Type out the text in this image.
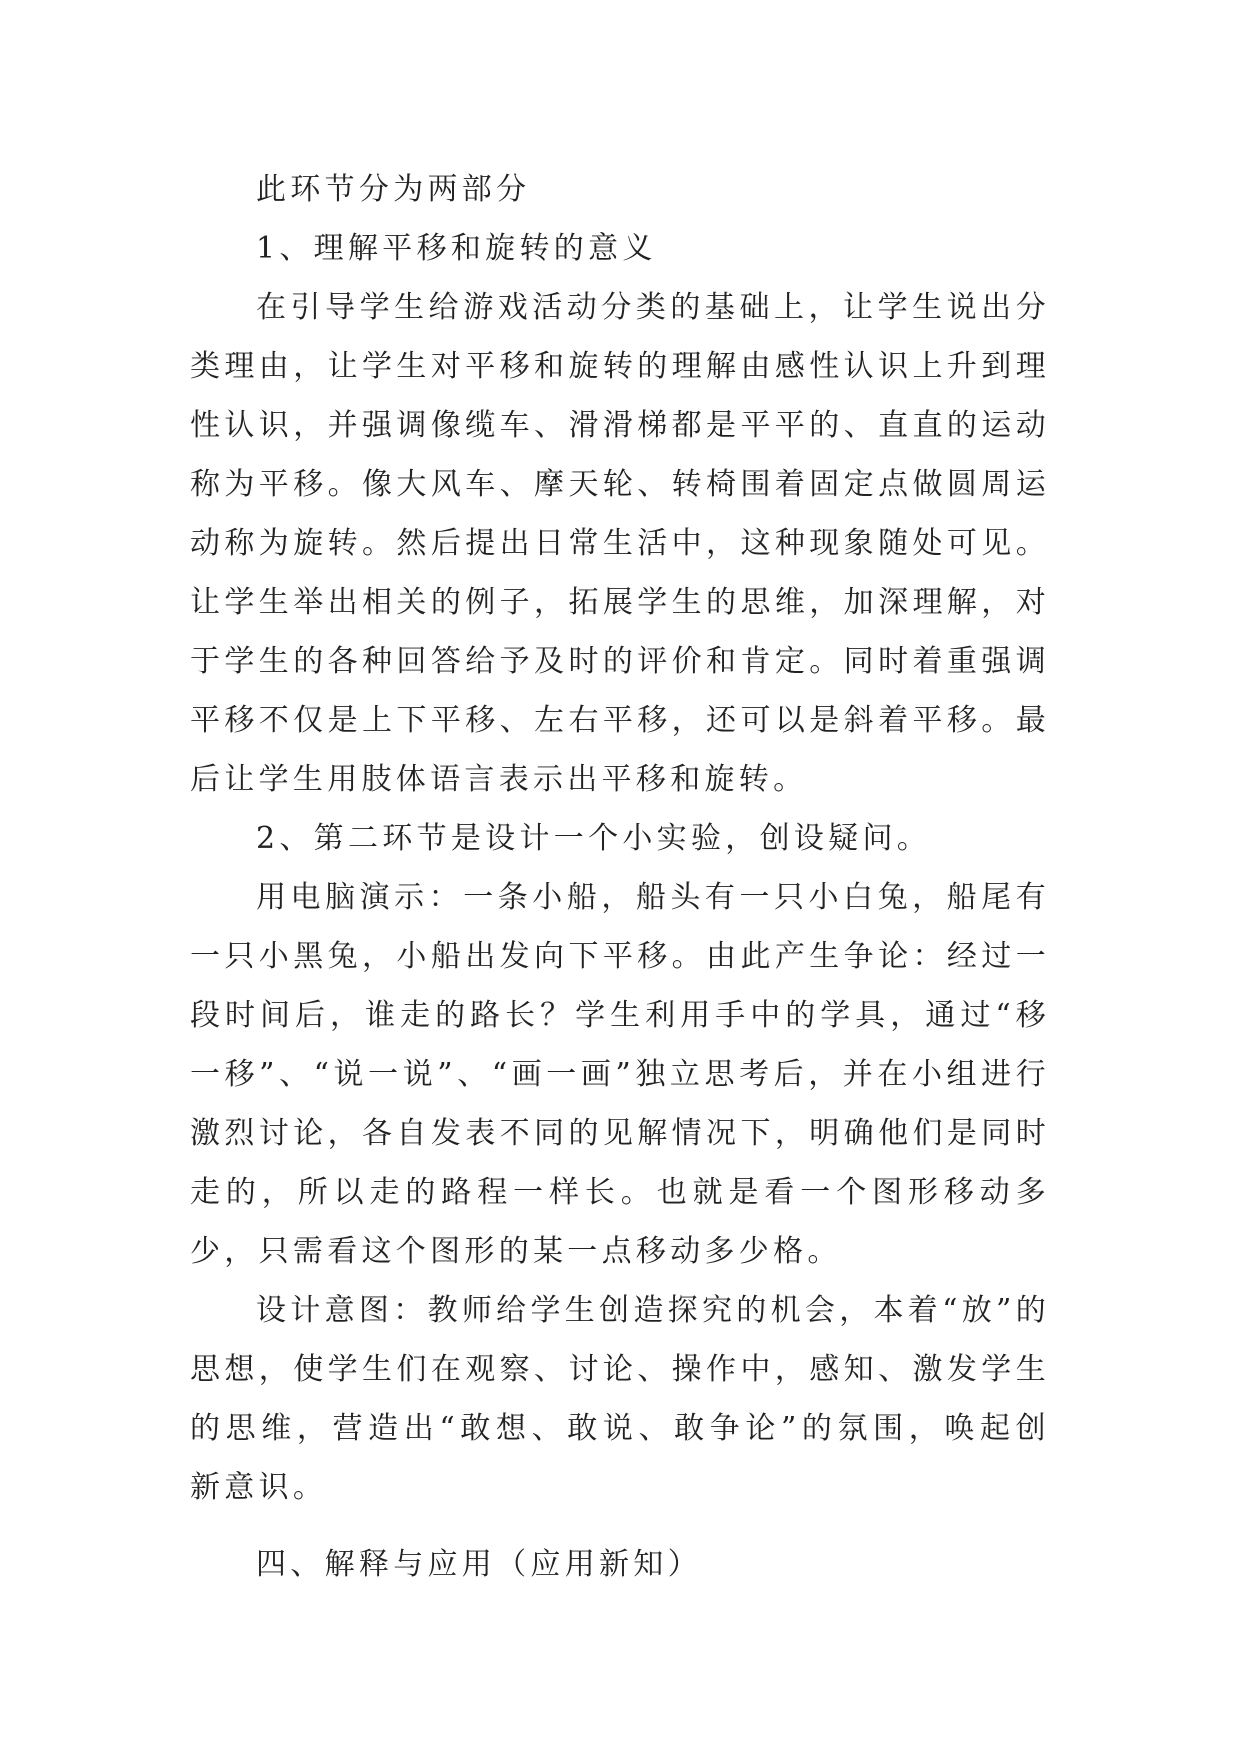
此环节分为两部分

1、理解平移和旋转的意义

在引导学生给游戏活动分类的基础上，让学生说出分类理由，让学生对平移和旋转的理解由感性认识上升到理性认识，并强调像缆车、滑滑梯都是平平的、直直的运动称为平移。像大风车、摩天轮、转椅围着固定点做圆周运动称为旋转。然后提出日常生活中，这种现象随处可见。让学生举出相关的例子，拓展学生的思维，加深理解，对于学生的各种回答给予及时的评价和肯定。同时着重强调平移不仅是上下平移、左右平移，还可以是斜着平移。最后让学生用肢体语言表示出平移和旋转。

2、第二环节是设计一个小实验，创设疑问。

用电脑演示：一条小船，船头有一只小白兔，船尾有一只小黑兔，小船出发向下平移。由此产生争论：经过一段时间后，谁走的路长？学生利用手中的学具，通过“移一移”、“说一说”、“画一画”独立思考后，并在小组进行激烈讨论，各自发表不同的见解情况下，明确他们是同时走的，所以走的路程一样长。也就是看一个图形移动多少，只需看这个图形的某一点移动多少格。

设计意图：教师给学生创造探究的机会，本着“放”的思想，使学生们在观察、讨论、操作中，感知、激发学生的思维，营造出“敢想、敢说、敢争论”的氛围，唤起创新意识。

四、解释与应用（应用新知）
